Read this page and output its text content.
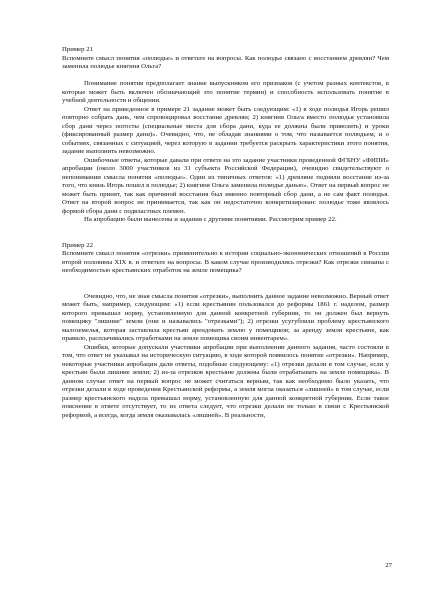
Пример 21

Вспомните смысл понятия «полюдье» и ответьте на вопросы. Как полюдье связано с восстанием древлян? Чем заменила полюдье княгиня Ольга?

Понимание понятия предполагает знание выпускником его признаков (с учетом разных контекстов, в которые может быть включен обозначающий это понятие термин) и способность использовать понятие в учебной деятельности и общении.

Ответ на приведенное в примере 21 задание может быть следующим: «1) в ходе полюдья Игорь решил повторно собрать дань, чем спровоцировал восстание древлян; 2) княгиня Ольга вместо полюдья установила сбор дани через погосты (специальные места для сбора дани, куда ее должны были привозить) и уроки (фиксированный размер дани)». Очевидно, что, не обладая знаниями о том, что называется полюдьем, и о событиях, связанных с ситуацией, через которую в задании требуется раскрыть характеристики этого понятия, задание выполнить невозможно.

Ошибочные ответы, которые давали при ответе на это задание участники проведенной ФГБНУ «ФИПИ» апробации (около 3000 участников из 31 субъекта Российской Федерации), очевидно свидетельствуют о непонимании смысла понятия «полюдье». Один из типичных ответов: «1) древляне подняли восстание из-за того, что князь Игорь пошел в полюдье; 2) княгиня Ольга заменила полюдье данью». Ответ на первый вопрос не может быть принят, так как причиной восстания был именно повторный сбор дани, а не сам факт полюдья. Ответ на второй вопрос не принимается, так как он недостаточно конкретизирован: полюдье тоже являлось формой сбора дани с подвластных племен.

На апробацию были вынесены и задания с другими понятиями. Рассмотрим пример 22.

Пример 22

Вспомните смысл понятия «отрезки» применительно к истории социально-экономических отношений в России второй половины XIX в. и ответьте на вопросы. В каком случае производились отрезки? Как отрезки связаны с необходимостью крестьянских отработок на земле помещика?

Очевидно, что, не зная смысла понятия «отрезки», выполнить данное задание невозможно. Верный ответ может быть, например, следующим: «1) если крестьянин пользовался до реформы 1861 г. наделом, размер которого превышал норму, установленную для данной конкретной губернии, то он должен был вернуть помещику "лишние" земли (они и назывались "отрезками"); 2) отрезки усугубляли проблему крестьянского малоземелья, которая заставляла крестьян арендовать землю у помещиков; за аренду земли крестьяне, как правило, расплачивались отработками на земле помещика своим инвентарем».

Ошибки, которые допускали участники апробации при выполнении данного задания, часто состояли в том, что ответ не указывал на историческую ситуацию, в ходе которой появилось понятие «отрезки». Например, некоторые участники апробации дали ответы, подобные следующему: «1) отрезки делали в том случае, если у крестьян были лишние земли; 2) из-за отрезков крестьяне должны были отрабатывать на земле помещика». В данном случае ответ на первый вопрос не может считаться верным, так как необходимо было указать, что отрезки делали в ходе проведения Крестьянской реформы, а земля могла оказаться «лишней» в том случае, если размер крестьянского надела превышал норму, установленную для данной конкретной губернии. Если такое пояснение в ответе отсутствует, то из ответа следует, что отрезки делали не только в связи с Крестьянской реформой, а всегда, когда земля оказывалась «лишней». В реальности,

27
